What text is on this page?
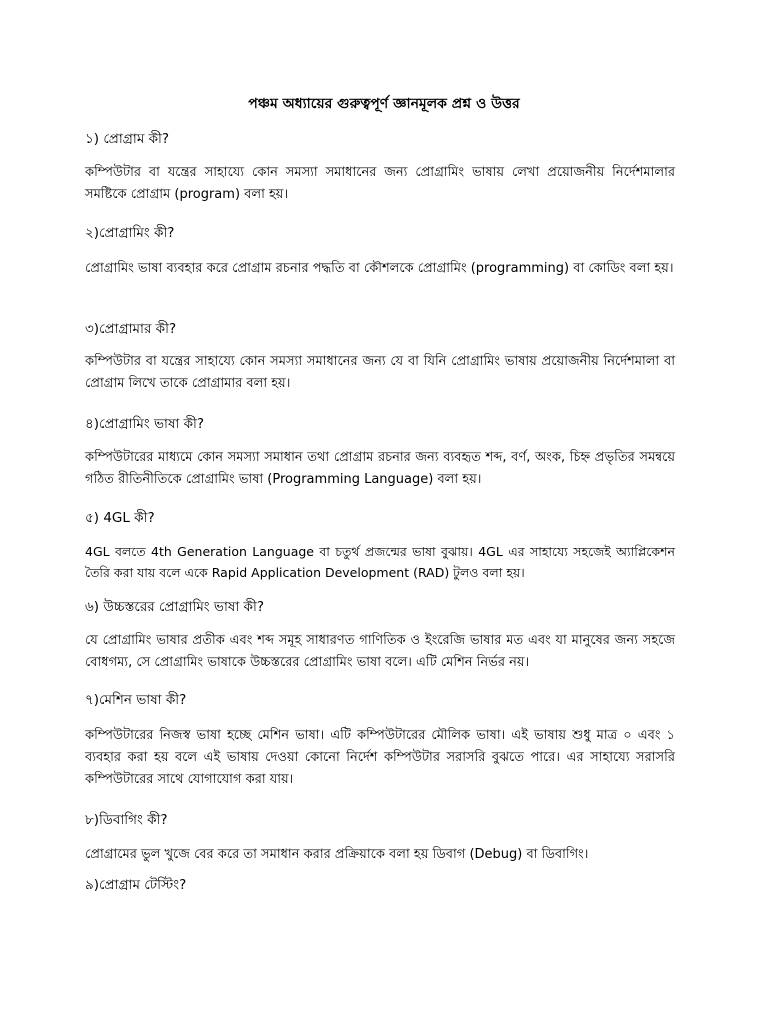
পঞ্চম অধ্যায়ের গুরুত্বপূর্ণ জ্ঞানমূলক প্রশ্ন ও উত্তর
১) প্রোগ্রাম কী?
কম্পিউটার বা যন্ত্রের সাহায্যে কোন সমস্যা সমাধানের জন্য প্রোগ্রামিং ভাষায় লেখা প্রয়োজনীয় নির্দেশমালার সমষ্টিকে প্রোগ্রাম (program) বলা হয়।
২)প্রোগ্রামিং কী?
প্রোগ্রামিং ভাষা ব্যবহার করে প্রোগ্রাম রচনার পদ্ধতি বা কৌশলকে প্রোগ্রামিং (programming) বা কোডিং বলা হয়।
৩)প্রোগ্রামার কী?
কম্পিউটার বা যন্ত্রের সাহায্যে কোন সমস্যা সমাধানের জন্য যে বা যিনি প্রোগ্রামিং ভাষায় প্রয়োজনীয় নির্দেশমালা বা প্রোগ্রাম লিখে তাকে প্রোগ্রামার বলা হয়।
৪)প্রোগ্রামিং ভাষা কী?
কম্পিউটারের মাধ্যমে কোন সমস্যা সমাধান তথা প্রোগ্রাম রচনার জন্য ব্যবহৃত শব্দ, বর্ণ, অংক, চিহ্ন প্রভৃতির সমন্বয়ে গঠিত রীতিনীতিকে প্রোগ্রামিং ভাষা (Programming Language) বলা হয়।
৫) 4GL কী?
4GL বলতে 4th Generation Language বা চতুর্থ প্রজন্মের ভাষা বুঝায়। 4GL এর সাহায্যে সহজেই অ্যাপ্লিকেশন তৈরি করা যায় বলে একে Rapid Application Development (RAD) টুলও বলা হয়।
৬) উচ্চস্তরের প্রোগ্রামিং ভাষা কী?
যে প্রোগ্রামিং ভাষার প্রতীক এবং শব্দ সমূহ সাধারণত গাণিতিক ও ইংরেজি ভাষার মত এবং যা মানুষের জন্য সহজে বোধগম্য, সে প্রোগ্রামিং ভাষাকে উচ্চস্তরের প্রোগ্রামিং ভাষা বলে। এটি মেশিন নির্ভর নয়।
৭)মেশিন ভাষা কী?
কম্পিউটারের নিজস্ব ভাষা হচ্ছে মেশিন ভাষা। এটি কম্পিউটারের মৌলিক ভাষা। এই ভাষায় শুধু মাত্র ০ এবং ১ ব্যবহার করা হয় বলে এই ভাষায় দেওয়া কোনো নির্দেশ কম্পিউটার সরাসরি বুঝতে পারে। এর সাহায্যে সরাসরি কম্পিউটারের সাথে যোগাযোগ করা যায়।
৮)ডিবাগিং কী?
প্রোগ্রামের ভুল খুজে বের করে তা সমাধান করার প্রক্রিয়াকে বলা হয় ডিবাগ (Debug) বা ডিবাগিং।
৯)প্রোগ্রাম টেস্টিং?
